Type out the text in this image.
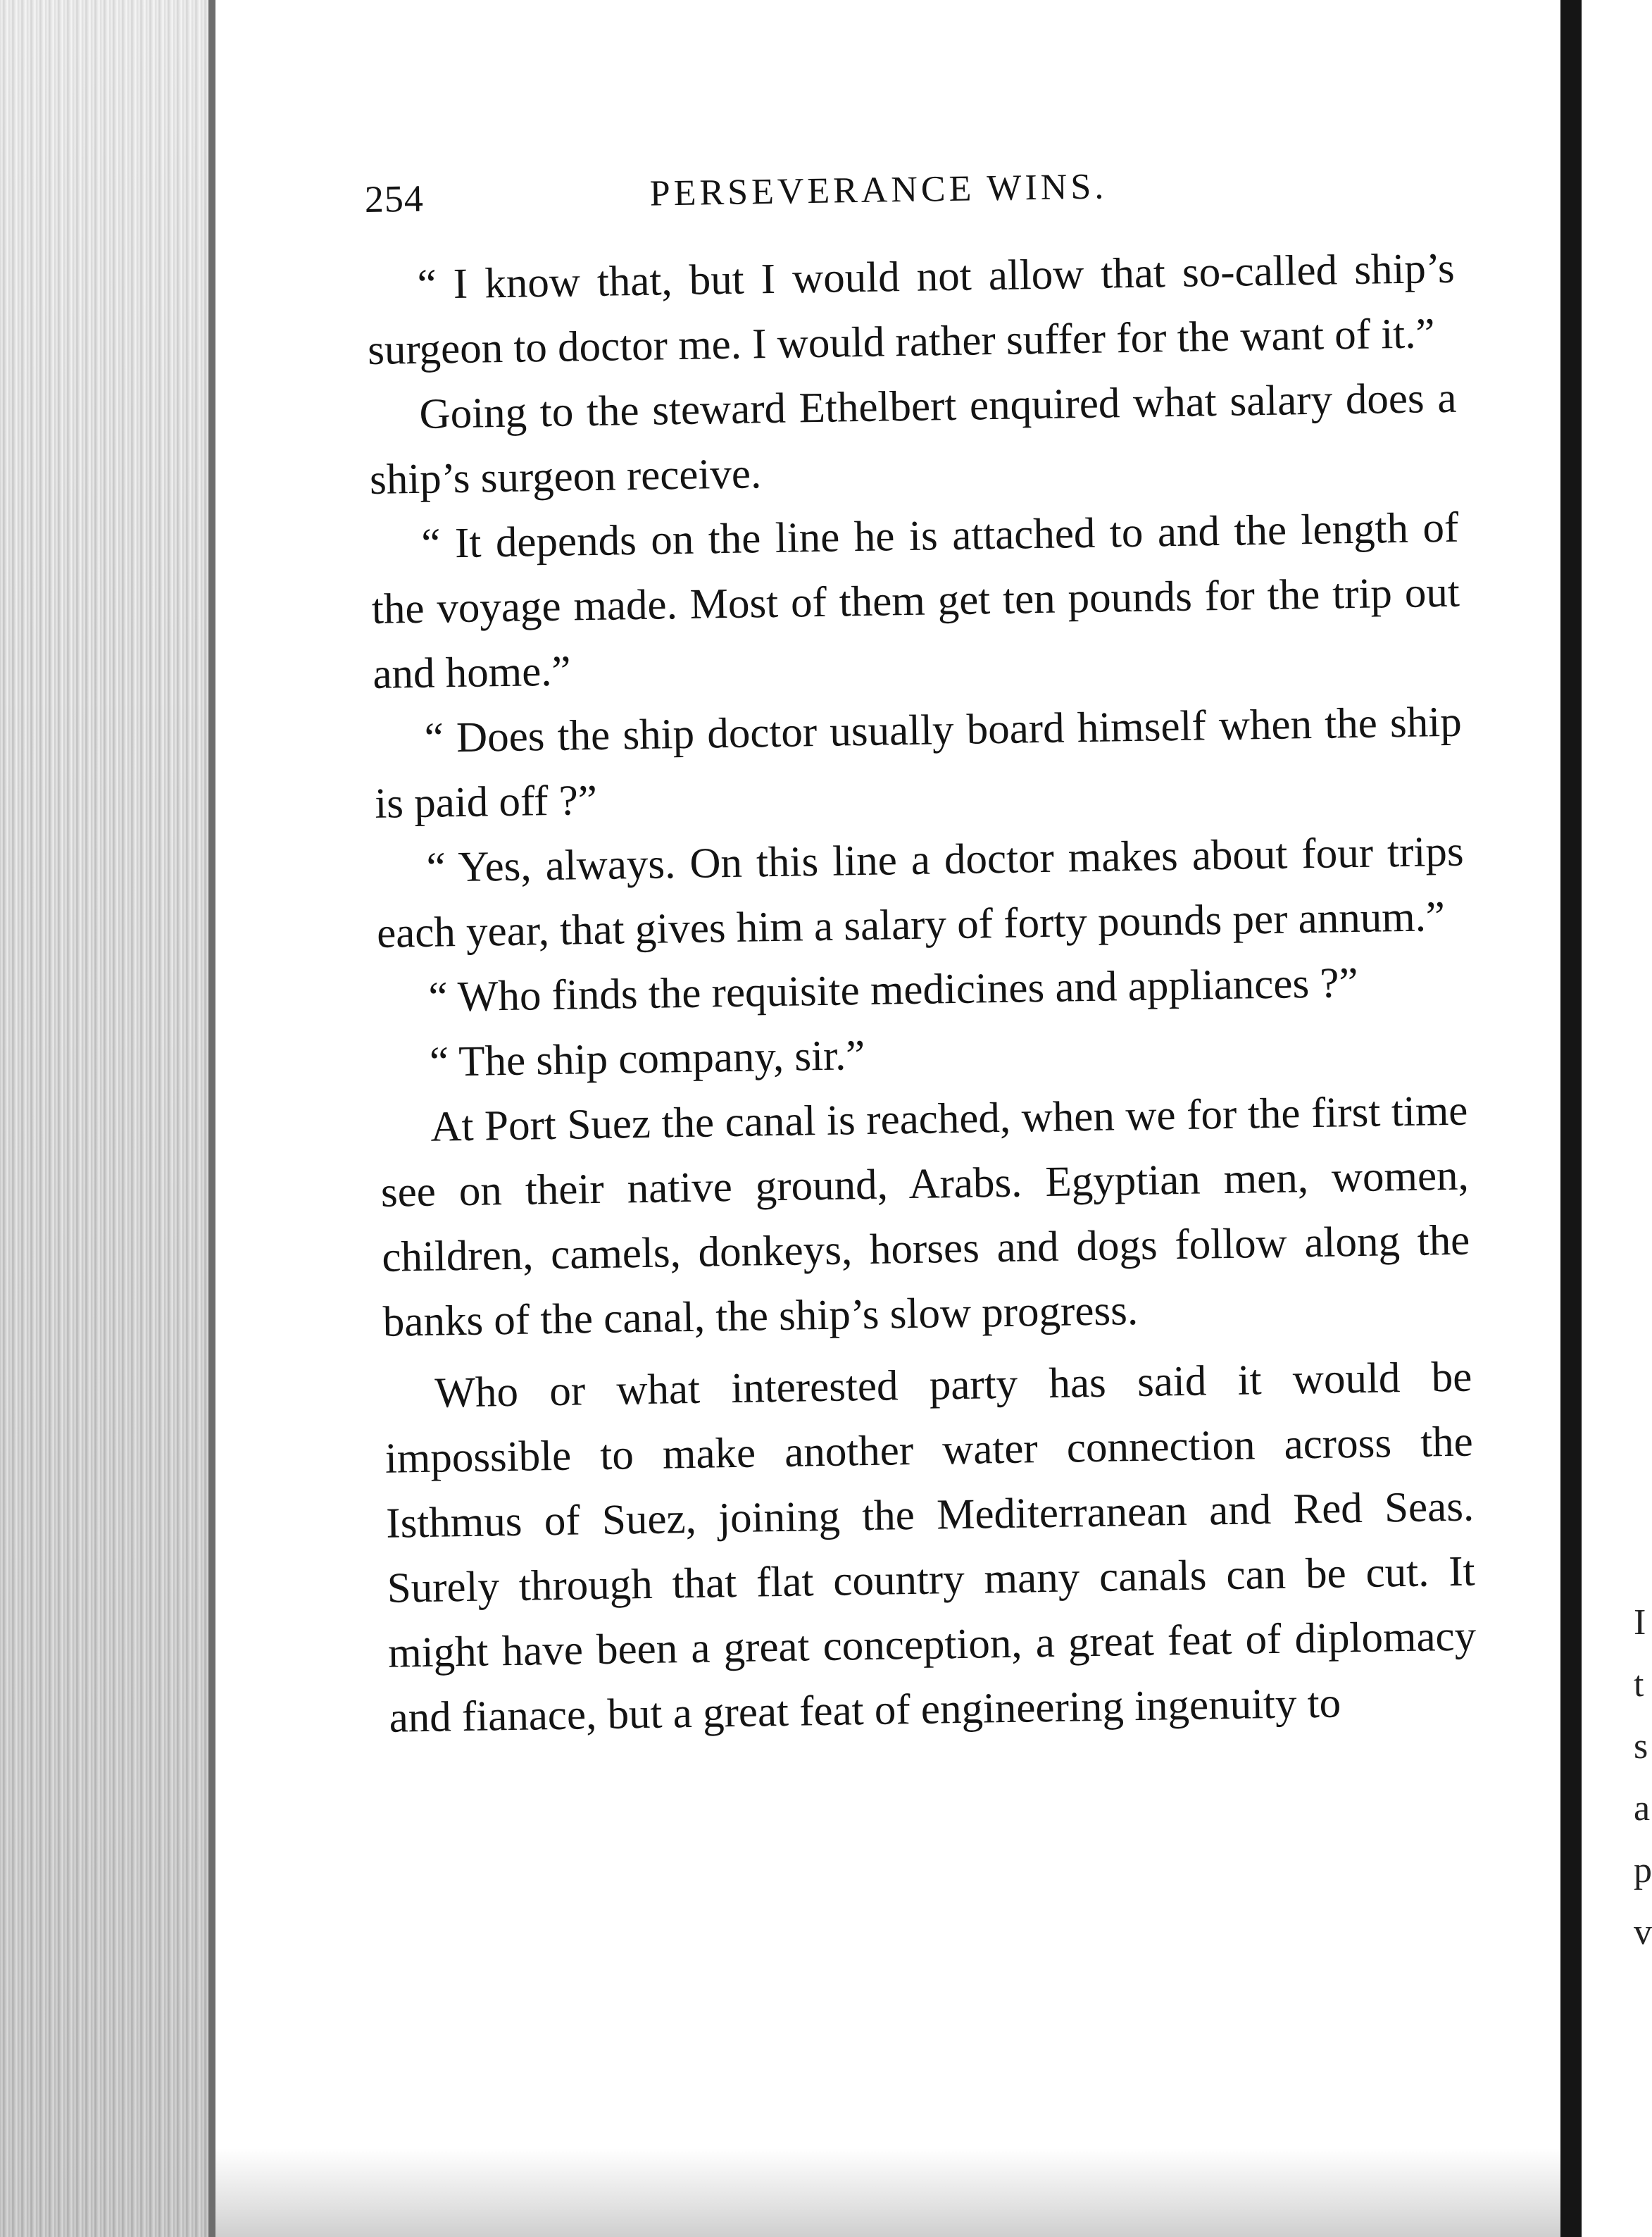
I
t
s
a
p
v
254	PERSEVERANCE WINS.

“ I know that, but I would not allow that so-called ship’s surgeon to doctor me. I would rather suffer for the want of it.”

Going to the steward Ethelbert enquired what salary does a ship’s surgeon receive.

“ It depends on the line he is attached to and the length of the voyage made. Most of them get ten pounds for the trip out and home.”

“ Does the ship doctor usually board himself when the ship is paid off ?”

“ Yes, always. On this line a doctor makes about four trips each year, that gives him a salary of forty pounds per annum.”

“ Who finds the requisite medicines and appliances ?”

“ The ship company, sir.”

At Port Suez the canal is reached, when we for the first time see on their native ground, Arabs. Egyptian men, women, children, camels, donkeys, horses and dogs follow along the banks of the canal, the ship’s slow progress.

Who or what interested party has said it would be impossible to make another water connection across the Isthmus of Suez, joining the Mediterranean and Red Seas. Surely through that flat country many canals can be cut. It might have been a great conception, a great feat of diplomacy and fianace, but a great feat of engineering ingenuity to
